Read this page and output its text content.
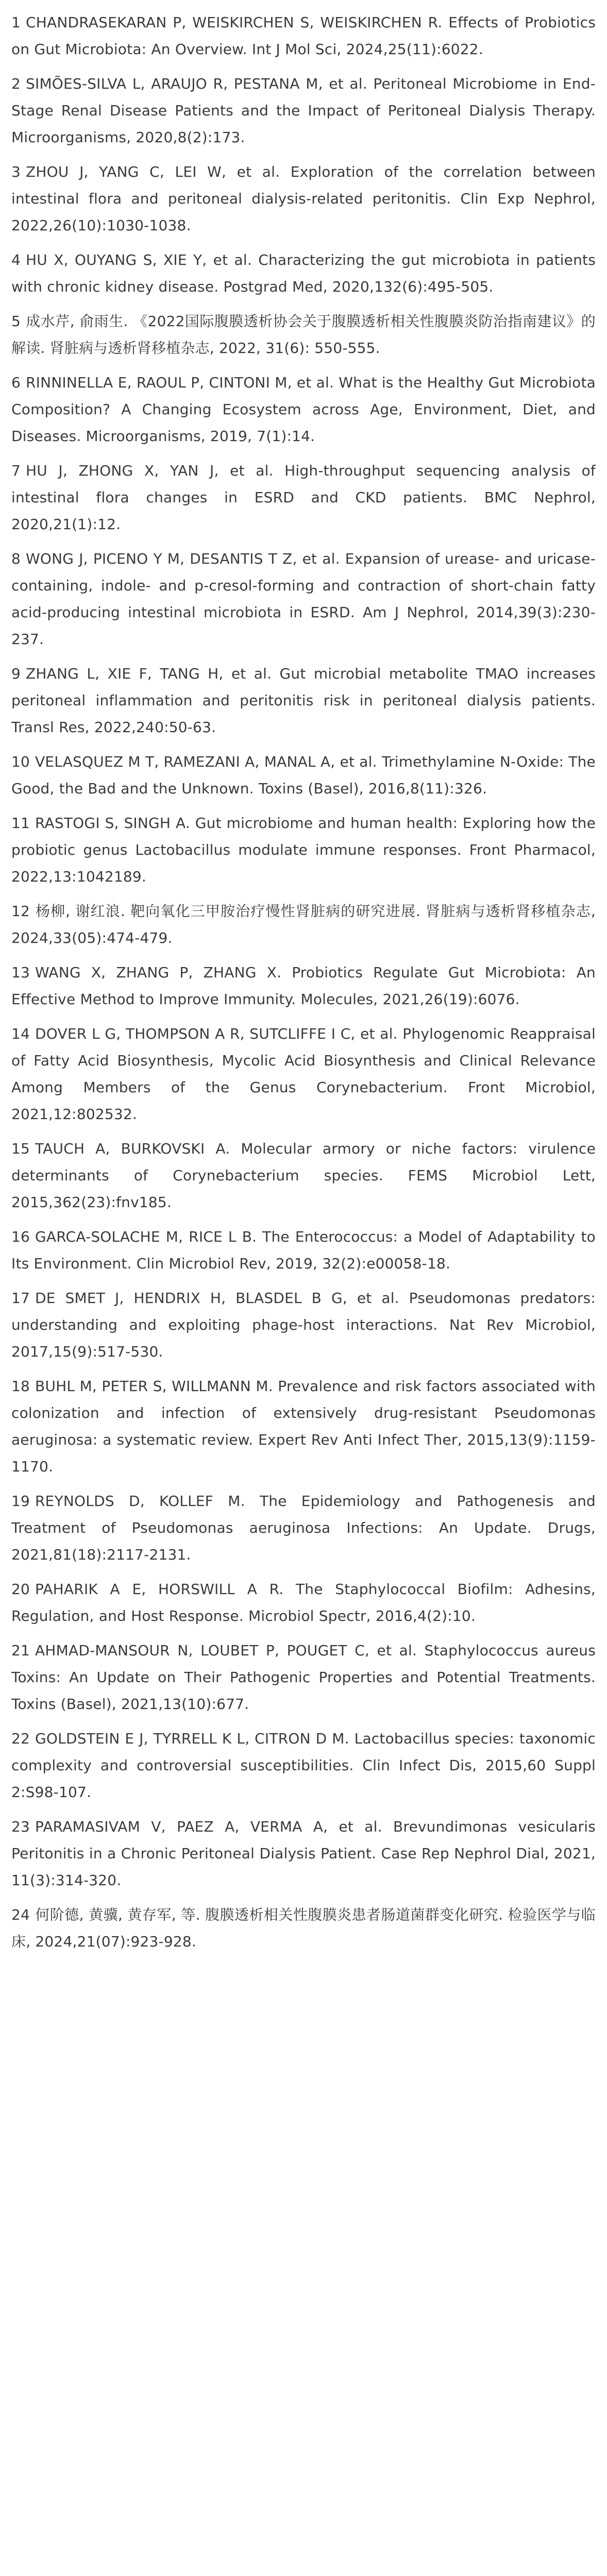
1 CHANDRASEKARAN P, WEISKIRCHEN S, WEISKIRCHEN R. Effects of Probiotics on Gut Microbiota: An Overview. Int J Mol Sci, 2024,25(11):6022.
2 SIMÕES-SILVA L, ARAUJO R, PESTANA M, et al. Peritoneal Microbiome in End-Stage Renal Disease Patients and the Impact of Peritoneal Dialysis Therapy. Microorganisms, 2020,8(2):173.
3 ZHOU J, YANG C, LEI W, et al. Exploration of the correlation between intestinal flora and peritoneal dialysis-related peritonitis. Clin Exp Nephrol, 2022,26(10):1030-1038.
4 HU X, OUYANG S, XIE Y, et al. Characterizing the gut microbiota in patients with chronic kidney disease. Postgrad Med, 2020,132(6):495-505.
5 成水芹, 俞雨生. 《2022国际腹膜透析协会关于腹膜透析相关性腹膜炎防治指南建议》的解读. 肾脏病与透析肾移植杂志, 2022, 31(6): 550-555.
6 RINNINELLA E, RAOUL P, CINTONI M, et al. What is the Healthy Gut Microbiota Composition? A Changing Ecosystem across Age, Environment, Diet, and Diseases. Microorganisms, 2019, 7(1):14.
7 HU J, ZHONG X, YAN J, et al. High-throughput sequencing analysis of intestinal flora changes in ESRD and CKD patients. BMC Nephrol, 2020,21(1):12.
8 WONG J, PICENO Y M, DESANTIS T Z, et al. Expansion of urease- and uricase-containing, indole- and p-cresol-forming and contraction of short-chain fatty acid-producing intestinal microbiota in ESRD. Am J Nephrol, 2014,39(3):230-237.
9 ZHANG L, XIE F, TANG H, et al. Gut microbial metabolite TMAO increases peritoneal inflammation and peritonitis risk in peritoneal dialysis patients. Transl Res, 2022,240:50-63.
10 VELASQUEZ M T, RAMEZANI A, MANAL A, et al. Trimethylamine N-Oxide: The Good, the Bad and the Unknown. Toxins (Basel), 2016,8(11):326.
11 RASTOGI S, SINGH A. Gut microbiome and human health: Exploring how the probiotic genus Lactobacillus modulate immune responses. Front Pharmacol, 2022,13:1042189.
12 杨柳, 谢红浪. 靶向氧化三甲胺治疗慢性肾脏病的研究进展. 肾脏病与透析肾移植杂志, 2024,33(05):474-479.
13 WANG X, ZHANG P, ZHANG X. Probiotics Regulate Gut Microbiota: An Effective Method to Improve Immunity. Molecules, 2021,26(19):6076.
14 DOVER L G, THOMPSON A R, SUTCLIFFE I C, et al. Phylogenomic Reappraisal of Fatty Acid Biosynthesis, Mycolic Acid Biosynthesis and Clinical Relevance Among Members of the Genus Corynebacterium. Front Microbiol, 2021,12:802532.
15 TAUCH A, BURKOVSKI A. Molecular armory or niche factors: virulence determinants of Corynebacterium species. FEMS Microbiol Lett, 2015,362(23):fnv185.
16 GARCA-SOLACHE M, RICE L B. The Enterococcus: a Model of Adaptability to Its Environment. Clin Microbiol Rev, 2019, 32(2):e00058-18.
17 DE SMET J, HENDRIX H, BLASDEL B G, et al. Pseudomonas predators: understanding and exploiting phage-host interactions. Nat Rev Microbiol, 2017,15(9):517-530.
18 BUHL M, PETER S, WILLMANN M. Prevalence and risk factors associated with colonization and infection of extensively drug-resistant Pseudomonas aeruginosa: a systematic review. Expert Rev Anti Infect Ther, 2015,13(9):1159-1170.
19 REYNOLDS D, KOLLEF M. The Epidemiology and Pathogenesis and Treatment of Pseudomonas aeruginosa Infections: An Update. Drugs, 2021,81(18):2117-2131.
20 PAHARIK A E, HORSWILL A R. The Staphylococcal Biofilm: Adhesins, Regulation, and Host Response. Microbiol Spectr, 2016,4(2):10.
21 AHMAD-MANSOUR N, LOUBET P, POUGET C, et al. Staphylococcus aureus Toxins: An Update on Their Pathogenic Properties and Potential Treatments. Toxins (Basel), 2021,13(10):677.
22 GOLDSTEIN E J, TYRRELL K L, CITRON D M. Lactobacillus species: taxonomic complexity and controversial susceptibilities. Clin Infect Dis, 2015,60 Suppl 2:S98-107.
23 PARAMASIVAM V, PAEZ A, VERMA A, et al. Brevundimonas vesicularis Peritonitis in a Chronic Peritoneal Dialysis Patient. Case Rep Nephrol Dial, 2021, 11(3):314-320.
24 何阶德, 黄骥, 黄存军, 等. 腹膜透析相关性腹膜炎患者肠道菌群变化研究. 检验医学与临床, 2024,21(07):923-928.
